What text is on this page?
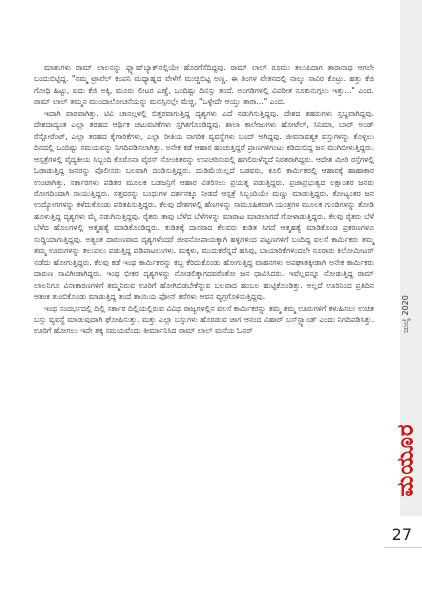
ಮಾತುಗಳು ರಾಮ್ ಲಾಲನನ್ನು ಫ್ಲ್ಯಾಷ್‌ಬ್ಯಾಕ್‌ನಲ್ಲಿಯೇ ಹೊರಗೆಸೆದಿದ್ದವು. ರಾಮ್ ಲಾಲ್ ರೂಮು ತಲುಪಿದಾಗ ತಾರಾನಾಥ ಆಗಲೇ ಬಂದುಬಿಟ್ಟಿದ್ದ. "ನಮ್ಮ ಟ್ರಾವೆಲ್ ಕಂಪನಿ ಮಧ್ಯಾಹ್ನದ ವೇಳೆಗೆ ಮುಚ್ಚಿಬಿಟ್ಟ ಅಣ್ಣ. ಈ ತಿಂಗಳ ವೇತನದಲ್ಲಿ ನಾಲ್ಕು ಸಾವಿರ ಕೊಟ್ರು. ಹತ್ತು ಕೆಜಿ ಗೋಧಿ ಹಿಟ್ಟು, ಐದು ಕೆಜಿ ಅಕ್ಕಿ, ಮೂರು ಲೀಟರ ಎಣ್ಣೆ, ಒಂದಿಷ್ಟು ದಿನಸ್ಸು ತಂದೆ. ಅಂಗಡಿಗಳಲ್ಲಿ ವಿಪರೀತ ನೂಕುನುಗ್ಗಲು ಇತ್ತು..." ಎಂದ. ರಾಮ್ ಲಾಲ್ ತಮ್ಮನ ಮುಂದಾಲೋಚನೆಯನ್ನು ಮನಸ್ಸಿನಲ್ಲೇ ಮೆಚ್ಚಿ, "ಒಳ್ಳೇದೇ ಆಯ್ತು ತಾರಾ..." ಎಂದ.

ಇದಾಗಿ ವಾರವಾಗಿತ್ತು. ಟಿವಿ ಚಾನಲ್ಗಳಲ್ಲಿ ಬಿತ್ತರವಾಗುತ್ತಿದ್ದ ದೃಶ್ಯಗಳು ಎದೆ ನಡುಗಿಸುತ್ತಿದ್ದವು. ದೇಶದ ಶಹರುಗಳು ಸ್ತಬ್ದವಾಗಿದ್ದವು. ದೇಶದಾದ್ಯಂತ ಎಲ್ಲಾ ತರಹದ ಆರ್ಥಿಕ ಚಟುವಟಿಕೆಗಳು ಸ್ತಗಿತಗೊಂಡಿದ್ದವು. ಶಾಲಾ ಕಾಲೇಜುಗಳು ಹೋಟೆಲ್, ಸಿನಿಮಾ, ಬಾರ್ ಅಂಡ್ ರೆಸ್ಟೋರೆಂಟ್, ಎಲ್ಲಾ ತರಹದ ಕೈಗಾರಿಕೆಗಳು, ಎಲ್ಲಾ ರೀತಿಯ ನಾಗರಿಕ ವ್ಯವಸ್ಥೆಗಳು ಬಂದ್ ಆಗಿದ್ದವು. ಜೀವನಾವಶ್ಯಕ ವಸ್ತುಗಳನ್ನು ಕೊಳ್ಳಲು ದಿನದಲ್ಲಿ ಒಂದಿಷ್ಟು ಸಮಯವನ್ನು ನಿಗದಿಪಡಿಸಲಾಗಿತ್ತು. ಅನೇಕ ಕಡೆ ಆಹಾರ ಹಂಚುತ್ತಿದ್ದರೆ ಪ್ರಾಣಗಳಿಗಂಟು ಕಡಿದುಬಿದ್ದ ಜನ ಮುಗಿಬೀಳುತ್ತಿದ್ದರು. ಆಸ್ಪತ್ರೆಗಳಲ್ಲಿ ವೈದ್ಯಕೀಯ ಸಿಬ್ಬಂದಿ ಕೊರೊನಾ ವೈರಸ್ ಸೋಂಕಿತರನ್ನು ಉಪಚರಿಸುವಲ್ಲಿ ಹಗಲಿರುಳೆನ್ನದೆ ನಿರತರಾಗಿದ್ದರು. ಆದೇಶ ಮೀರಿ ರಸ್ತೆಗಳಲ್ಲಿ ಓಡಾಡುತ್ತಿದ್ದ ಜನರನ್ನು ಪೊಲೀಸರು ಬಲವಾಗಿ ದಂಡಿಸುತ್ತಿದ್ದರು. ದುಡಿಮೆಯಿಲ್ಲದೆ ಬಡವರು, ಕೂಲಿ ಕಾರ್ಮಿಕರಲ್ಲಿ ಆಹಾರಕ್ಕೆ ಹಾಹಾಕಾರ ಉಂಟಾಗಿತ್ತು. ಸರ್ಕಾರಗಳು ಪಡಿತರ ಮೂಲಕ ಬಡಜನ್ರಿಗೆ ಆಹಾರ ವಿತರಿಸಲು ಪ್ರಯತ್ನ ಪಡುತ್ತಿದ್ದರು. ಪ್ರಜಾಪ್ರಭುತ್ವದ ಲಕ್ಷಾಂತರ ಜನರು ರೋಗದಿಂದಾಗಿ ಸಾಯುತ್ತಿದ್ದರು. ಸತ್ತವರನ್ನು ಬಂಧುಗಳ ದರ್ಶನಕ್ಕೂ ನೀಡದೆ ಆಸ್ಪತ್ರೆ ಸಿಬ್ಬಂದಿಯೇ ಮಣ್ಣು ಮಾಡುತ್ತಿದ್ದರು. ಕೋಟ್ಯಂತರ ಜನ ಉದ್ಯೋಗಗಳನ್ನು ಕಳೆದುಕೊಂಡು ಪರಿತಪಿಸುತ್ತಿದ್ದರು. ಕೆಲವು ದೇಶಗಳಲ್ಲಿ ಹೆಣಗಳನ್ನು ಸಾಮೂಹಿಕವಾಗಿ ಯಂತ್ರಗಳ ಮೂಲಕ ಗುಂಡಿಗಳನ್ನು ತೋಡಿ ಹೂಳುತ್ತಿದ್ದ ದೃಶ್ಯಗಳು ಮೈ ನಡುಗಿಸುತ್ತಿದ್ದವು. ರೈತರು ತಾವು ಬೆಳೆದ ಬೆಳೆಗಳನ್ನು ಮಾರಾಟ ಮಾಡಲಾಗದೆ ಗೋಳಾಡುತ್ತಿದ್ದರು. ಕೆಲವು ರೈತರು ಬೆಳೆ ಬೆಳೆದ ಹೊಲಗಳಲ್ಲಿ ಆತ್ಮಹತ್ಯೆ ಮಾಡಿಕೊಂಡಿದ್ದರು. ಕುಡಿತಕ್ಕೆ ದಾಸರಾದ ಕೆಲವರು ಕುಡಿತ ಸಿಗದೆ ಆತ್ಮಹತ್ಯೆ ಮಾಡಿಕೊಂಡ ಪ್ರಕರಣಗಳೂ ಸುದ್ದಿಯಾಗುತ್ತಿದ್ದವು. ಅತ್ಯಂತ ದಾರುಣವಾದ ದೃಶ್ಯಗಳೆಂದರೆ ಜೀವನೋಪಾಯಕ್ಕಾಗಿ ಹಳ್ಳಿಗಳಿಂದ ಪಟ್ಟಣಗಳಿಗೆ ಬಂದಿದ್ದ ವಲಸೆ ಕಾರ್ಮಿಕರು ತಮ್ಮ ತಮ್ಮ ಊರುಗಳನ್ನು ತಲುಪಲು ಪಡುತ್ತಿದ್ದ ಪಡಿಪಾಟಲುಗಳು. ಮಕ್ಕಳು, ಮುದುಕರೆನ್ನದೆ ಹಸಿವು, ಬಾಯಾರಿಕೆಗಳಿಂದಲೇ ನೂರಾರು ಕಿಲೋಮೀಟರ್ ನಡೆದು ಹೋಗುತ್ತಿದ್ದರು. ಕೆಲವು ಕಡೆ ಇಂಥ ಕಾರ್ಮಿಕರನ್ನು ಕಬ್ಬ ಕೆರಿದುಕೊಂಡು ಹೋಗುತ್ತಿದ್ದ ವಾಹನಗಳು ಅಪಘಾತಕ್ಕೀಡಾಗಿ ಅನೇಕ ಕಾರ್ಮಿಕರು ದಾರುಣ ಸಾವಿಗೀಡಾಗಿದ್ದರು. ಇಂಥ ಭೀಕರ ದೃಶ್ಯಗಳನ್ನು ನೋಡಲಿಕ್ಕಾಗದವರೆಂತೋ ಜನ ಧಾವಿಸಿದರು. ಇವೆಲ್ಲವನ್ನೂ ನೋಡುತ್ತಿದ್ದ ರಾಮ್ ಲಾಲನಿಗೂ ವಿನಾಕಾರಣಗಳಿಗೆ ತಮ್ಮನಿರುವ ಊರಿಗೆ ಹೋಗಿಬಿಡಬೇಕೆನ್ನುವ ಬಲವಾದ ಹಂಬಲ ಹುಟ್ಟಿಕೊಂಡಿತ್ತು. ಅಲ್ಲದೆ ಊರಿನಿಂದ ಪ್ರತಿದಿನ ಆತಂಕ ತುಂಬಿಕೊಂಡು ಮಾಡುತ್ತಿದ್ದ ತಂದೆ ತಾಯಿಯ ಫೋನ್ ಕರೆಗಳು ಆವನ ವ್ಯಗ್ರಗೊಳಿಸುತ್ತಿದ್ದವು.

ಇಂಥ ಸಂದರ್ಭದಲ್ಲಿ ದಿಲ್ಲಿ ಸರ್ಕಾರ ದಿಲ್ಲಿಯಲ್ಲಿರುವ ವಿವಿಧ ರಾಜ್ಯಗಳಲ್ಲಿನ ವಲಸೆ ಕಾರ್ಮಿಕರನ್ನು ತಮ್ಮ ತಮ್ಮ ಊರುಗಳಿಗೆ ಕಳುಹಿಸಲು ಉಚಿತ ಬಸ್ಸು ವ್ಯವಸ್ಥೆ ಮಾಡುವುದಾಗಿ ಘೋಷಿಸುತ್ತು. ಮತ್ತು ಎಲ್ಲಾ ಬಸ್ಸುಗಳು ಹೊರಡುವ ಜಾಗ ಆನಂದ ವಿಹಾರ್ ಬಸ್‌ಸ್ಟ್ಯಾಂಡ್ ಎಂದು ನಿಗದಿಪಡಿಸಿತ್ತು. ಊರಿಗೆ ಹೋಗಲು ಇದೇ ತಕ್ಕ ಸಮಯವೆಂದು ತೀರ್ಮಾನಿಸಿದ ರಾಮ್ ಲಾಲ್ ಮನೆಯ ಓನರ್	ಜುಲೈ 2020
ಮಯೂರ
27
